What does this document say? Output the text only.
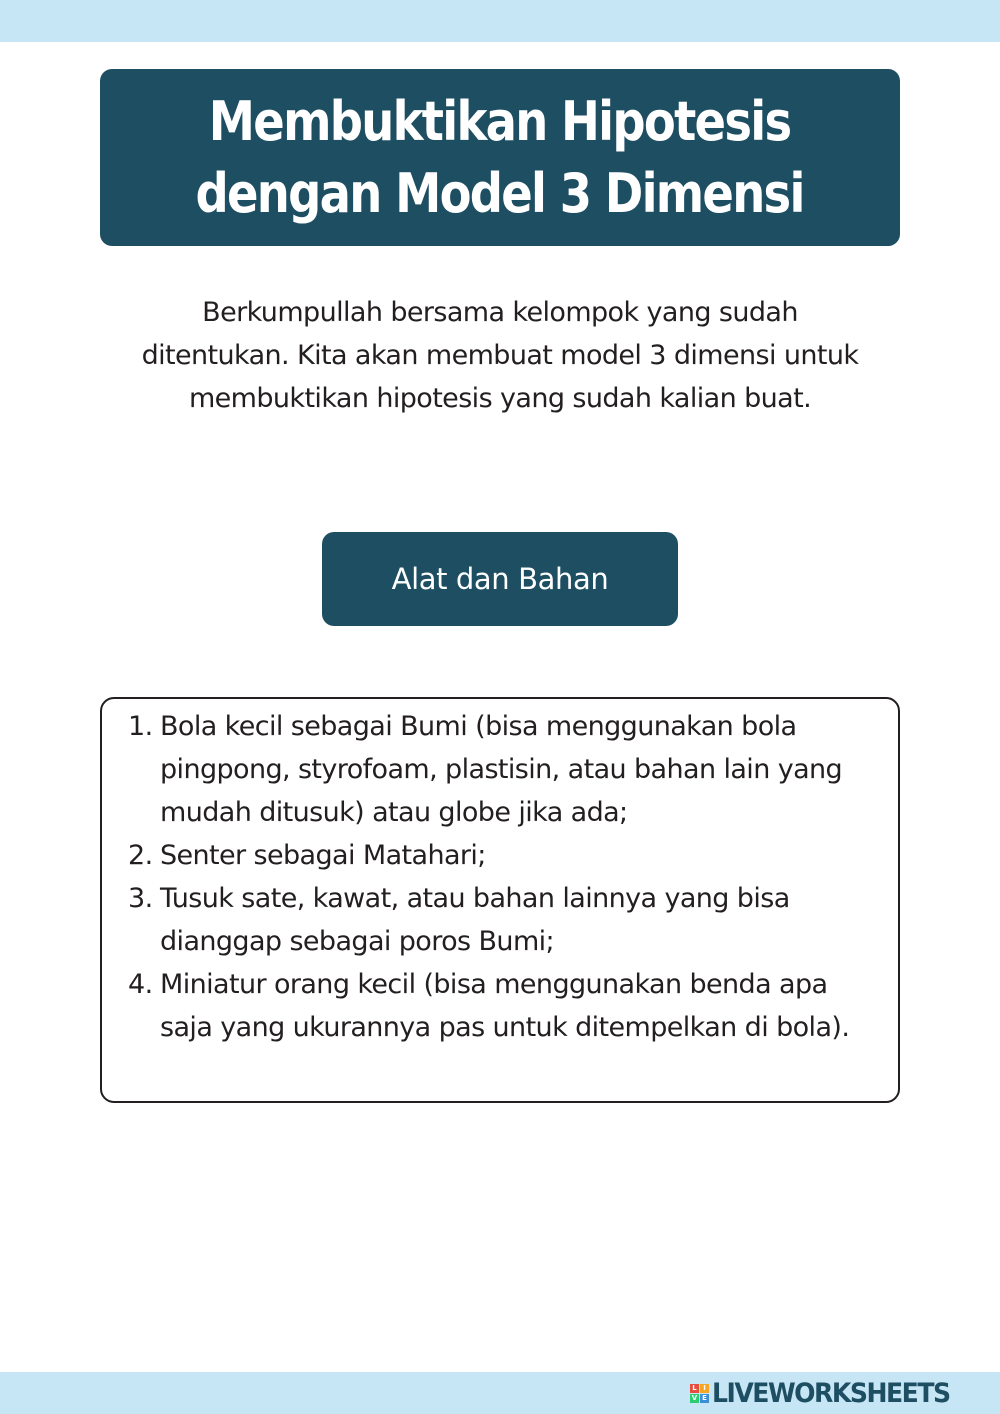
Membuktikan Hipotesis
dengan Model 3 Dimensi

Berkumpullah bersama kelompok yang sudah ditentukan. Kita akan membuat model 3 dimensi untuk membuktikan hipotesis yang sudah kalian buat.

Alat dan Bahan
1. Bola kecil sebagai Bumi (bisa menggunakan bola pingpong, styrofoam, plastisin, atau bahan lain yang mudah ditusuk) atau globe jika ada;
2. Senter sebagai Matahari;
3. Tusuk sate, kawat, atau bahan lainnya yang bisa dianggap sebagai poros Bumi;
4. Miniatur orang kecil (bisa menggunakan benda apa saja yang ukurannya pas untuk ditempelkan di bola).
L I
V E LIVEWORKSHEETS
